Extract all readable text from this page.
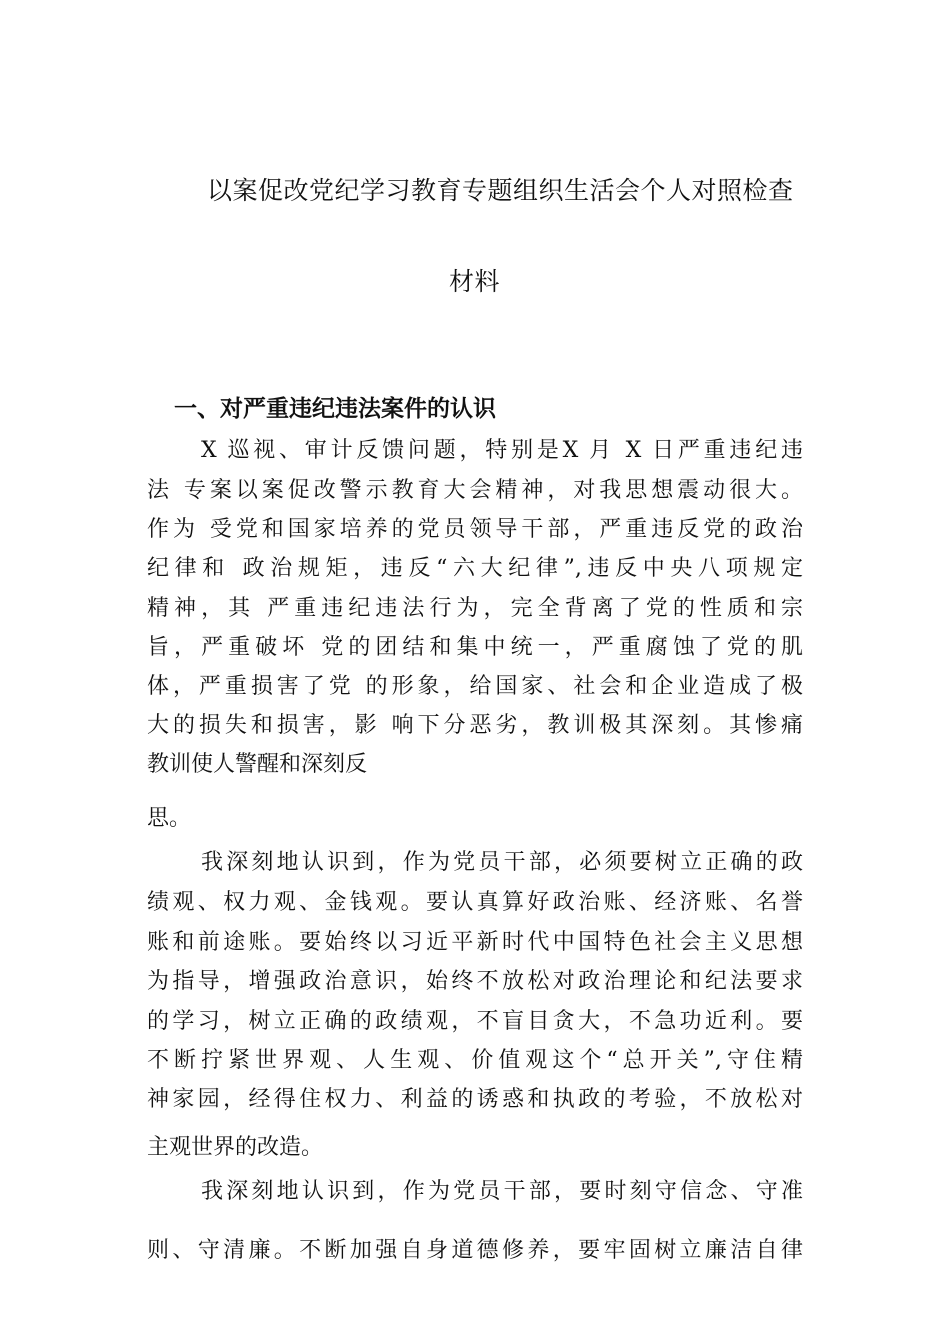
以案促改党纪学习教育专题组织生活会个人对照检查
材料
一、对严重违纪违法案件的认识
X 巡视、审计反馈问题，特别是X 月 X 日严重违纪违
法 专案以案促改警示教育大会精神，对我思想震动很大。
作为 受党和国家培养的党员领导干部，严重违反党的政治
纪律和 政治规矩，违反“六大纪律”,违反中央八项规定
精神，其 严重违纪违法行为，完全背离了党的性质和宗
旨，严重破坏 党的团结和集中统一，严重腐蚀了党的肌
体，严重损害了党 的形象，给国家、社会和企业造成了极
大的损失和损害，影 响下分恶劣，教训极其深刻。其惨痛
教训使人警醒和深刻反
思。
我深刻地认识到，作为党员干部，必须要树立正确的政
绩观、权力观、金钱观。要认真算好政治账、经济账、名誉
账和前途账。要始终以习近平新时代中国特色社会主义思想
为指导，增强政治意识，始终不放松对政治理论和纪法要求
的学习，树立正确的政绩观，不盲目贪大，不急功近利。要
不断拧紧世界观、人生观、价值观这个“总开关”,守住精
神家园，经得住权力、利益的诱惑和执政的考验，不放松对
主观世界的改造。
我深刻地认识到，作为党员干部，要时刻守信念、守准
则、守清廉。不断加强自身道德修养，要牢固树立廉洁自律
